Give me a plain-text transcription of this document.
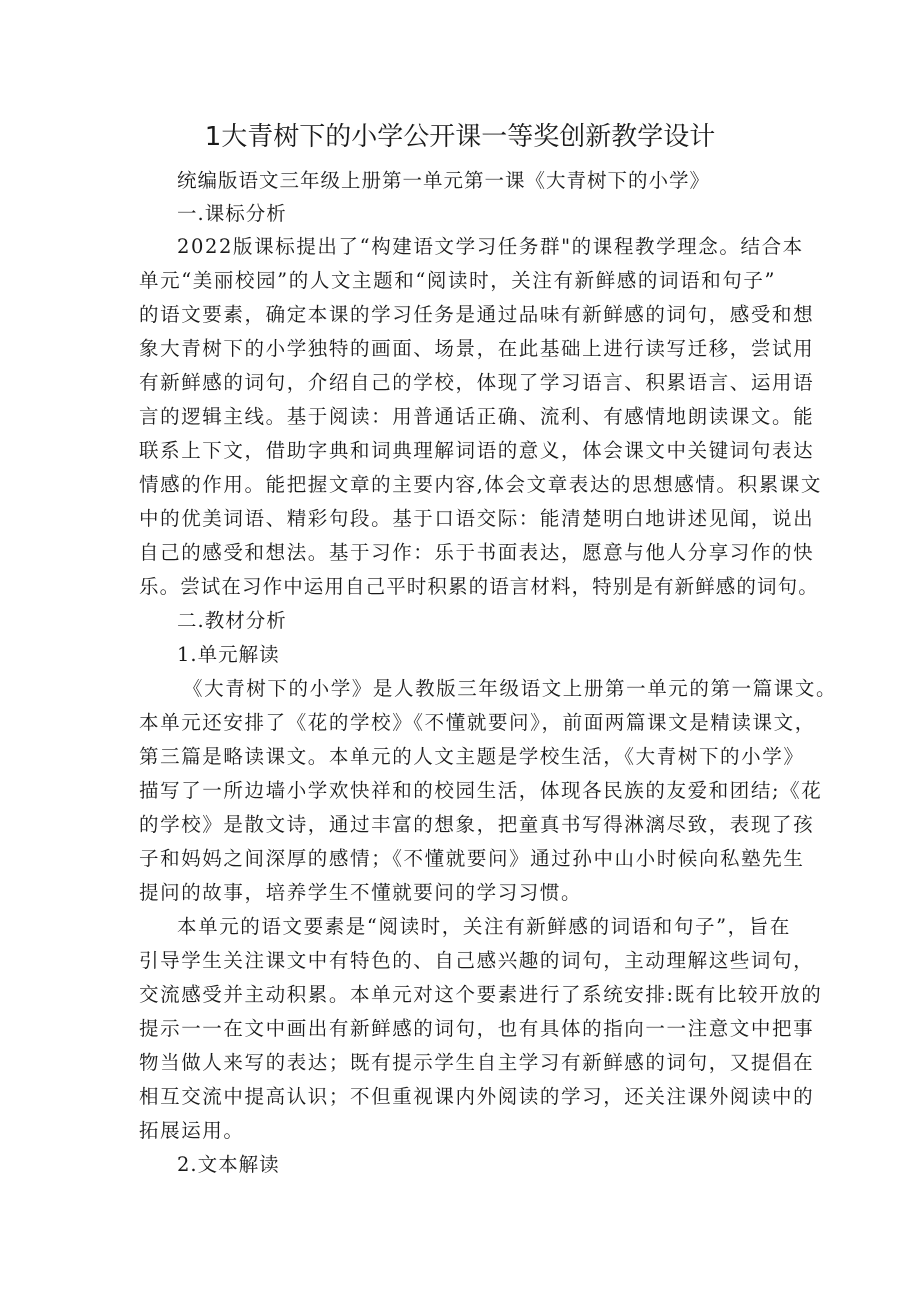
1大青树下的小学公开课一等奖创新教学设计

统编版语文三年级上册第一单元第一课《大青树下的小学》

一.课标分析

2022版课标提出了“构建语文学习任务群"的课程教学理念。结合本

单元“美丽校园”的人文主题和“阅读时，关注有新鲜感的词语和句子”

的语文要素，确定本课的学习任务是通过品味有新鲜感的词句，感受和想

象大青树下的小学独特的画面、场景，在此基础上进行读写迁移，尝试用

有新鲜感的词句，介绍自己的学校，体现了学习语言、积累语言、运用语

言的逻辑主线。基于阅读：用普通话正确、流利、有感情地朗读课文。能

联系上下文，借助字典和词典理解词语的意义，体会课文中关键词句表达

情感的作用。能把握文章的主要内容,体会文章表达的思想感情。积累课文

中的优美词语、精彩句段。基于口语交际：能清楚明白地讲述见闻，说出

自己的感受和想法。基于习作：乐于书面表达，愿意与他人分享习作的快

乐。尝试在习作中运用自己平时积累的语言材料，特别是有新鲜感的词句。

二.教材分析

1.单元解读

《大青树下的小学》是人教版三年级语文上册第一单元的第一篇课文。

本单元还安排了《花的学校》《不懂就要问》，前面两篇课文是精读课文，

第三篇是略读课文。本单元的人文主题是学校生活，《大青树下的小学》

描写了一所边墙小学欢快祥和的校园生活，体现各民族的友爱和团结;《花

的学校》是散文诗，通过丰富的想象，把童真书写得淋漓尽致，表现了孩

子和妈妈之间深厚的感情；《不懂就要问》通过孙中山小时候向私塾先生

提问的故事，培养学生不懂就要问的学习习惯。

本单元的语文要素是“阅读时，关注有新鲜感的词语和句子”，旨在

引导学生关注课文中有特色的、自己感兴趣的词句，主动理解这些词句，

交流感受并主动积累。本单元对这个要素进行了系统安排:既有比较开放的

提示一一在文中画出有新鲜感的词句，也有具体的指向一一注意文中把事

物当做人来写的表达；既有提示学生自主学习有新鲜感的词句，又提倡在

相互交流中提高认识；不但重视课内外阅读的学习，还关注课外阅读中的

拓展运用。

2.文本解读
